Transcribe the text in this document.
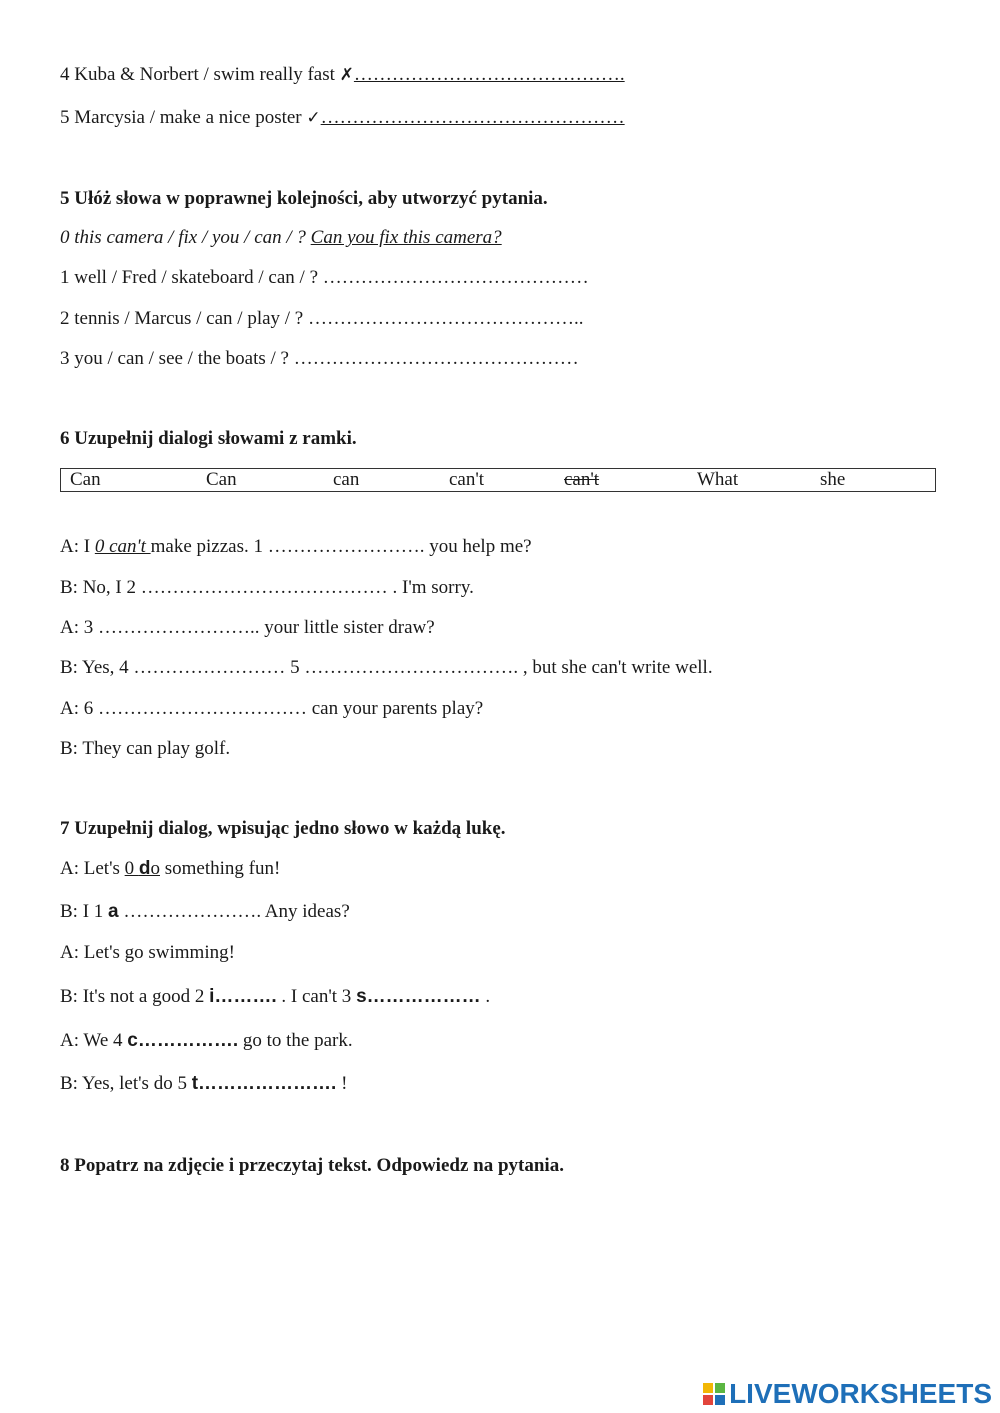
4 Kuba & Norbert / swim really fast ✗…………………………………….
5 Marcysia / make a nice poster ✓…………………………………………
5 Ułóż słowa w poprawnej kolejności, aby utworzyć pytania.
0 this camera / fix / you / can / ? Can you fix this camera?
1 well / Fred / skateboard / can / ? ……………………………………
2 tennis / Marcus / can / play / ? ……………………………………..
3 you / can / see / the boats / ? ………………………………………
6 Uzupełnij dialogi słowami z ramki.
Can	Can	can	can't	can't	What	she
A: I 0 can't make pizzas. 1 ……………………. you help me?
B: No, I 2 ………………………………… . I'm sorry.
A: 3 …………………….. your little sister draw?
B: Yes, 4 …………………… 5 ……………………………. , but she can't write well.
A: 6 …………………………… can your parents play?
B: They can play golf.
7 Uzupełnij dialog, wpisując jedno słowo w każdą lukę.
A: Let's 0 do something fun!
B: I 1 a …………………. Any ideas?
A: Let's go swimming!
B: It's not a good 2 i………. . I can't 3 s……………… .
A: We 4 c……………. go to the park.
B: Yes, let's do 5 t…………………. !
8 Popatrz na zdjęcie i przeczytaj tekst. Odpowiedz na pytania.
LIVEWORKSHEETS
